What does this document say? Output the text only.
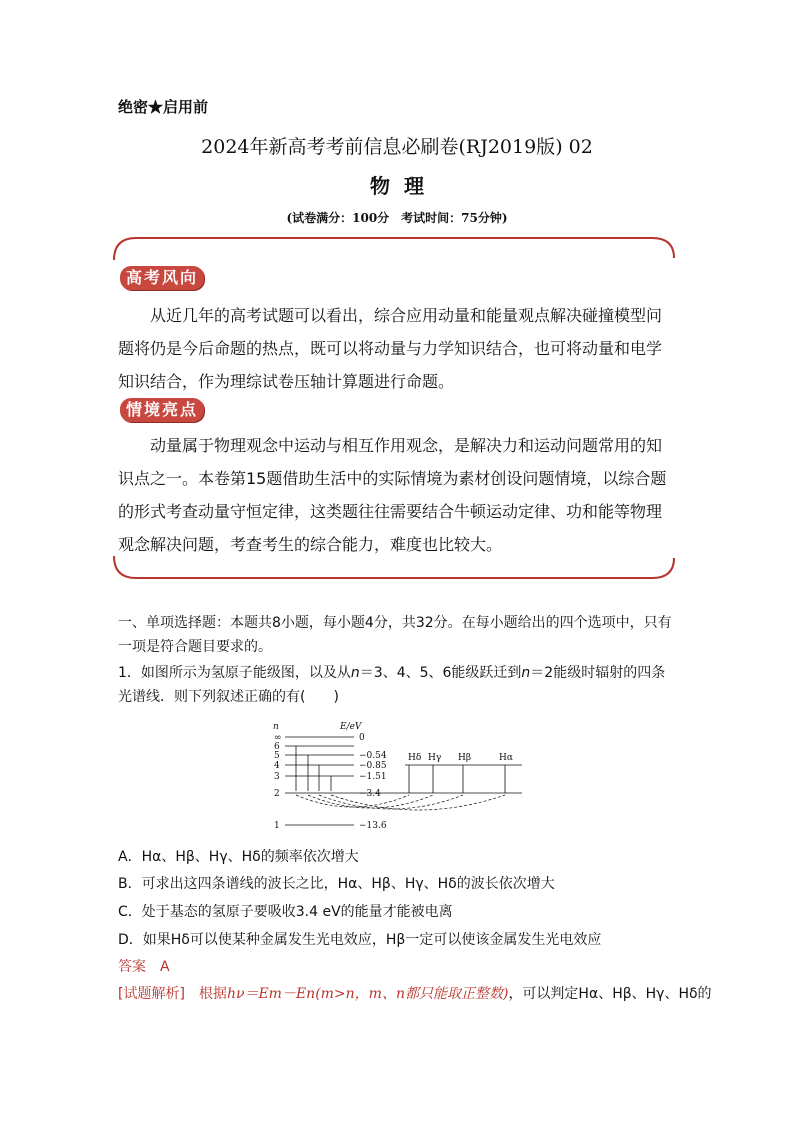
绝密★启用前
2024年新高考考前信息必刷卷(RJ2019版) 02
物理
(试卷满分：100分　考试时间：75分钟)
高考风向
从近几年的高考试题可以看出，综合应用动量和能量观点解决碰撞模型问题将仍是今后命题的热点，既可以将动量与力学知识结合，也可将动量和电学知识结合，作为理综试卷压轴计算题进行命题。
情境亮点
动量属于物理观念中运动与相互作用观念，是解决力和运动问题常用的知识点之一。本卷第15题借助生活中的实际情境为素材创设问题情境，以综合题的形式考查动量守恒定律，这类题往往需要结合牛顿运动定律、功和能等物理观念解决问题，考查考生的综合能力，难度也比较大。
一、单项选择题：本题共8小题，每小题4分，共32分。在每小题给出的四个选项中，只有一项是符合题目要求的。
1．如图所示为氢原子能级图，以及从n＝3、4、5、6能级跃迁到n＝2能级时辐射的四条光谱线．则下列叙述正确的有(　　)
n	E/eV
∞
6
5
4
3
2
1
0
−0.54
−0.85
−1.51
−3.4
−13.6
Hδ Hγ Hβ	Hα
A．Hα、Hβ、Hγ、Hδ的频率依次增大
B．可求出这四条谱线的波长之比，Hα、Hβ、Hγ、Hδ的波长依次增大
C．处于基态的氢原子要吸收3.4 eV的能量才能被电离
D．如果Hδ可以使某种金属发生光电效应，Hβ一定可以使该金属发生光电效应
答案　A
[试题解析]　根据hν＝Em－En(m>n，m、n都只能取正整数)，可以判定Hα、Hβ、Hγ、Hδ的
